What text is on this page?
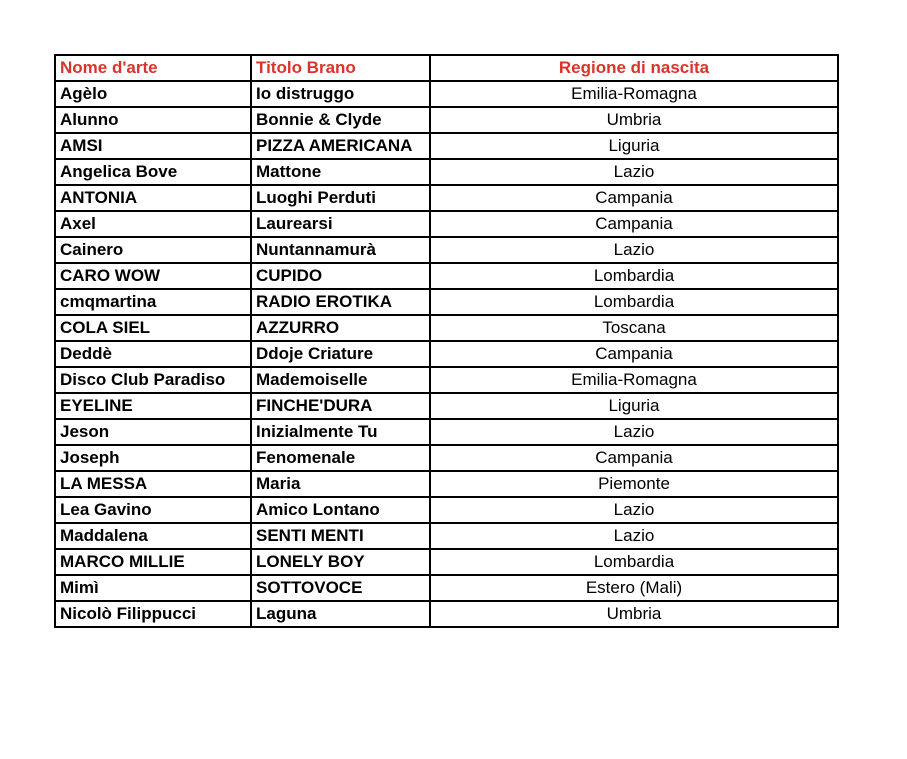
Nome d'arte	Titolo Brano	Regione di nascita
Agèlo	Io distruggo	Emilia-Romagna
Alunno	Bonnie & Clyde	Umbria
AMSI	PIZZA AMERICANA	Liguria
Angelica Bove	Mattone	Lazio
ANTONIA	Luoghi Perduti	Campania
Axel	Laurearsi	Campania
Cainero	Nuntannamurà	Lazio
CARO WOW	CUPIDO	Lombardia
cmqmartina	RADIO EROTIKA	Lombardia
COLA SIEL	AZZURRO	Toscana
Deddè	Ddoje Criature	Campania
Disco Club Paradiso	Mademoiselle	Emilia-Romagna
EYELINE	FINCHE'DURA	Liguria
Jeson	Inizialmente Tu	Lazio
Joseph	Fenomenale	Campania
LA MESSA	Maria	Piemonte
Lea Gavino	Amico Lontano	Lazio
Maddalena	SENTI MENTI	Lazio
MARCO MILLIE	LONELY BOY	Lombardia
Mimì	SOTTOVOCE	Estero (Mali)
Nicolò Filippucci	Laguna	Umbria
